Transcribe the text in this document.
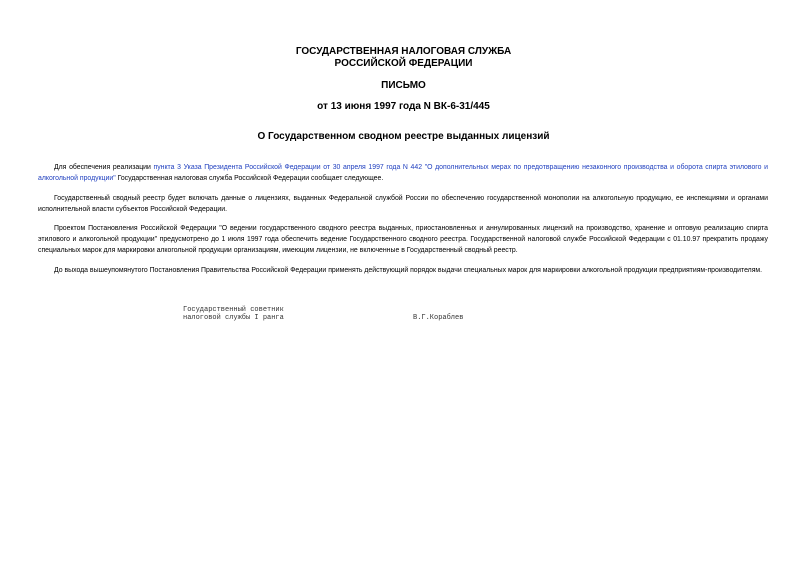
ГОСУДАРСТВЕННАЯ НАЛОГОВАЯ СЛУЖБА
РОССИЙСКОЙ ФЕДЕРАЦИИ
ПИСЬМО
от 13 июня 1997 года N ВК-6-31/445
О Государственном сводном реестре выданных лицензий
Для обеспечения реализации пункта 3 Указа Президента Российской Федерации от 30 апреля 1997 года N 442 "О дополнительных мерах по предотвращению незаконного производства и оборота спирта этилового и алкогольной продукции" Государственная налоговая служба Российской Федерации сообщает следующее.
Государственный сводный реестр будет включать данные о лицензиях, выданных Федеральной службой России по обеспечению государственной монополии на алкогольную продукцию, ее инспекциями и органами исполнительной власти субъектов Российской Федерации.
Проектом Постановления Российской Федерации "О ведении государственного сводного реестра выданных, приостановленных и аннулированных лицензий на производство, хранение и оптовую реализацию спирта этилового и алкогольной продукции" предусмотрено до 1 июля 1997 года обеспечить ведение Государственного сводного реестра. Государственной налоговой службе Российской Федерации с 01.10.97 прекратить продажу специальных марок для маркировки алкогольной продукции организациям, имеющим лицензии, не включенные в Государственный сводный реестр.
До выхода вышеупомянутого Постановления Правительства Российской Федерации применять действующий порядок выдачи специальных марок для маркировки алкогольной продукции предприятиям-производителям.
Государственный советник
налоговой службы I ранга	В.Г.Кораблев
